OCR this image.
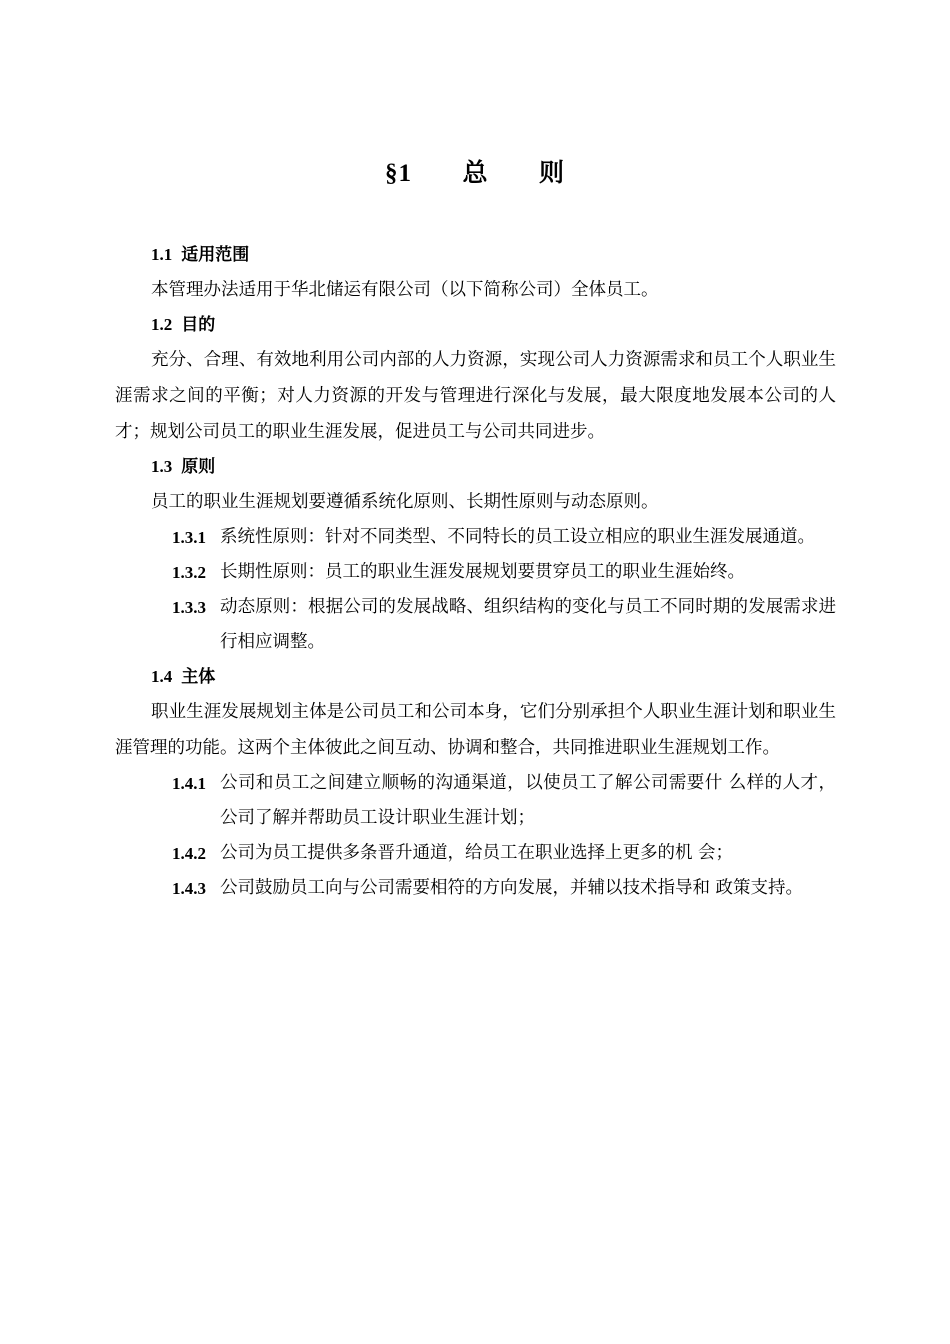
§1  总  则
1.1 适用范围

本管理办法适用于华北储运有限公司（以下简称公司）全体员工。

1.2 目的

充分、合理、有效地利用公司内部的人力资源，实现公司人力资源需求和员工个人职业生涯需求之间的平衡；对人力资源的开发与管理进行深化与发展，最大限度地发展本公司的人才；规划公司员工的职业生涯发展，促进员工与公司共同进步。

1.3 原则

员工的职业生涯规划要遵循系统化原则、长期性原则与动态原则。

1.3.1 系统性原则：针对不同类型、不同特长的员工设立相应的职业生涯发展通道。
1.3.2 长期性原则：员工的职业生涯发展规划要贯穿员工的职业生涯始终。
1.3.3 动态原则：根据公司的发展战略、组织结构的变化与员工不同时期的发展需求进行相应调整。
1.4 主体

职业生涯发展规划主体是公司员工和公司本身，它们分别承担个人职业生涯计划和职业生涯管理的功能。这两个主体彼此之间互动、协调和整合，共同推进职业生涯规划工作。

1.4.1 公司和员工之间建立顺畅的沟通渠道，以使员工了解公司需要什 么样的人才，公司了解并帮助员工设计职业生涯计划；
1.4.2 公司为员工提供多条晋升通道，给员工在职业选择上更多的机 会；
1.4.3 公司鼓励员工向与公司需要相符的方向发展，并辅以技术指导和 政策支持。
